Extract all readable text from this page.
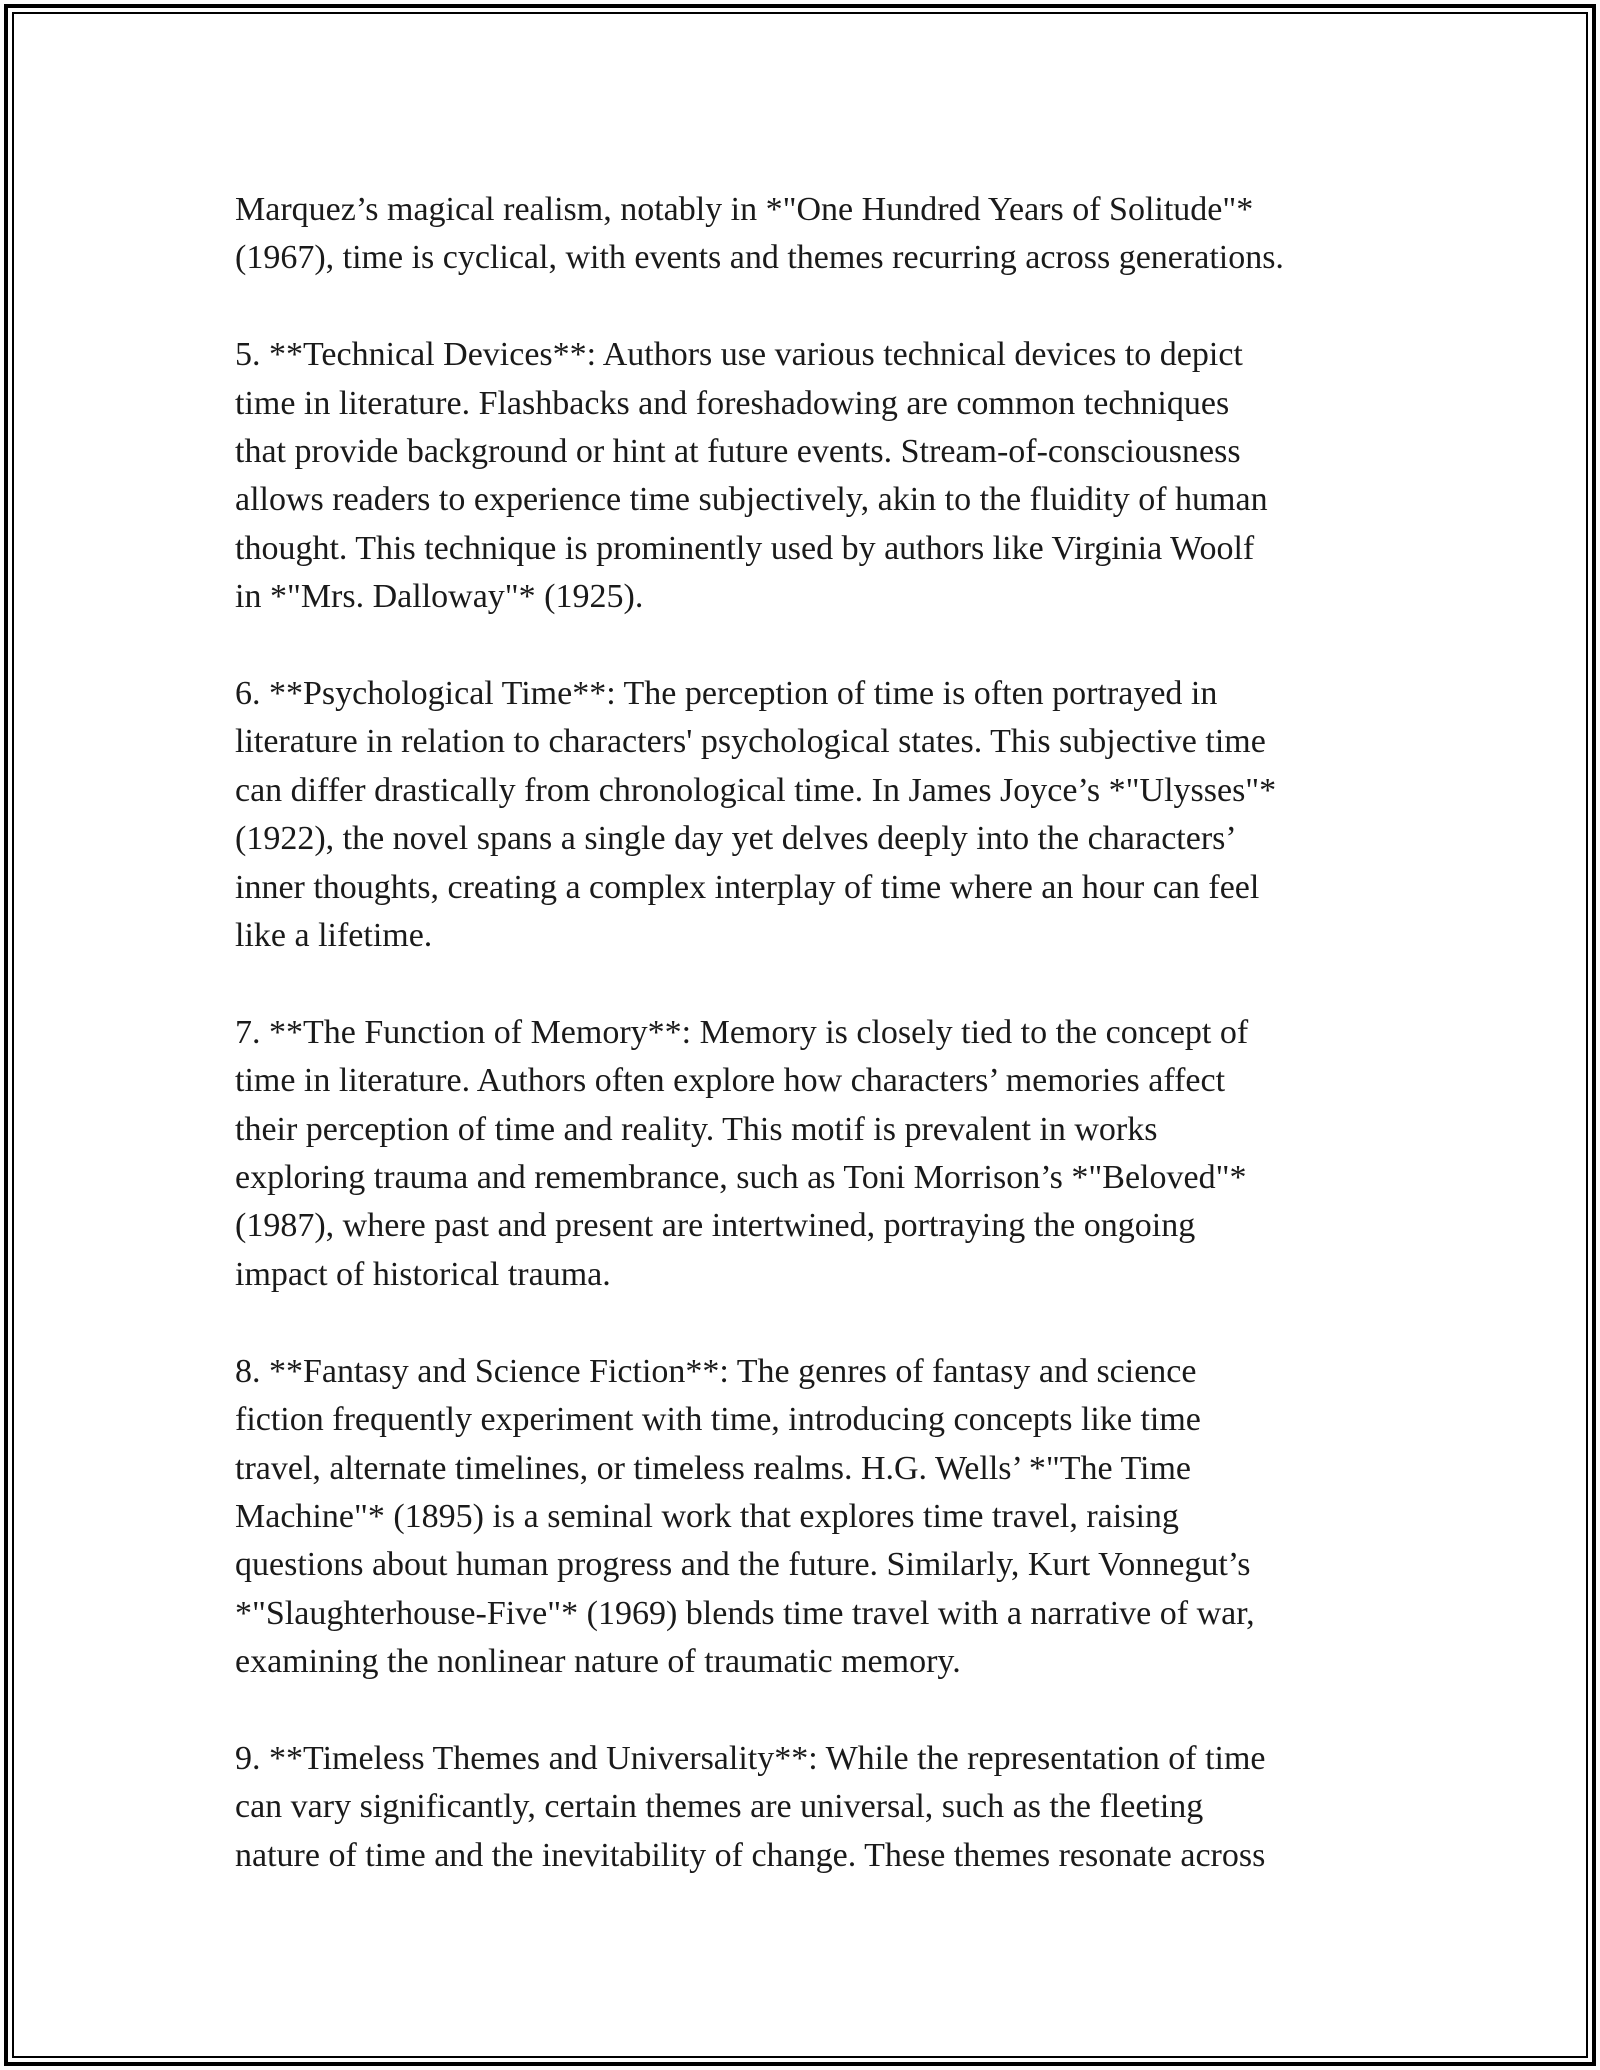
Marquez’s magical realism, notably in *"One Hundred Years of Solitude"*
(1967), time is cyclical, with events and themes recurring across generations.

5. **Technical Devices**: Authors use various technical devices to depict
time in literature. Flashbacks and foreshadowing are common techniques
that provide background or hint at future events. Stream-of-consciousness
allows readers to experience time subjectively, akin to the fluidity of human
thought. This technique is prominently used by authors like Virginia Woolf
in *"Mrs. Dalloway"* (1925).

6. **Psychological Time**: The perception of time is often portrayed in
literature in relation to characters' psychological states. This subjective time
can differ drastically from chronological time. In James Joyce’s *"Ulysses"*
(1922), the novel spans a single day yet delves deeply into the characters’
inner thoughts, creating a complex interplay of time where an hour can feel
like a lifetime.

7. **The Function of Memory**: Memory is closely tied to the concept of
time in literature. Authors often explore how characters’ memories affect
their perception of time and reality. This motif is prevalent in works
exploring trauma and remembrance, such as Toni Morrison’s *"Beloved"*
(1987), where past and present are intertwined, portraying the ongoing
impact of historical trauma.

8. **Fantasy and Science Fiction**: The genres of fantasy and science
fiction frequently experiment with time, introducing concepts like time
travel, alternate timelines, or timeless realms. H.G. Wells’ *"The Time
Machine"* (1895) is a seminal work that explores time travel, raising
questions about human progress and the future. Similarly, Kurt Vonnegut’s
*"Slaughterhouse-Five"* (1969) blends time travel with a narrative of war,
examining the nonlinear nature of traumatic memory.

9. **Timeless Themes and Universality**: While the representation of time
can vary significantly, certain themes are universal, such as the fleeting
nature of time and the inevitability of change. These themes resonate across
